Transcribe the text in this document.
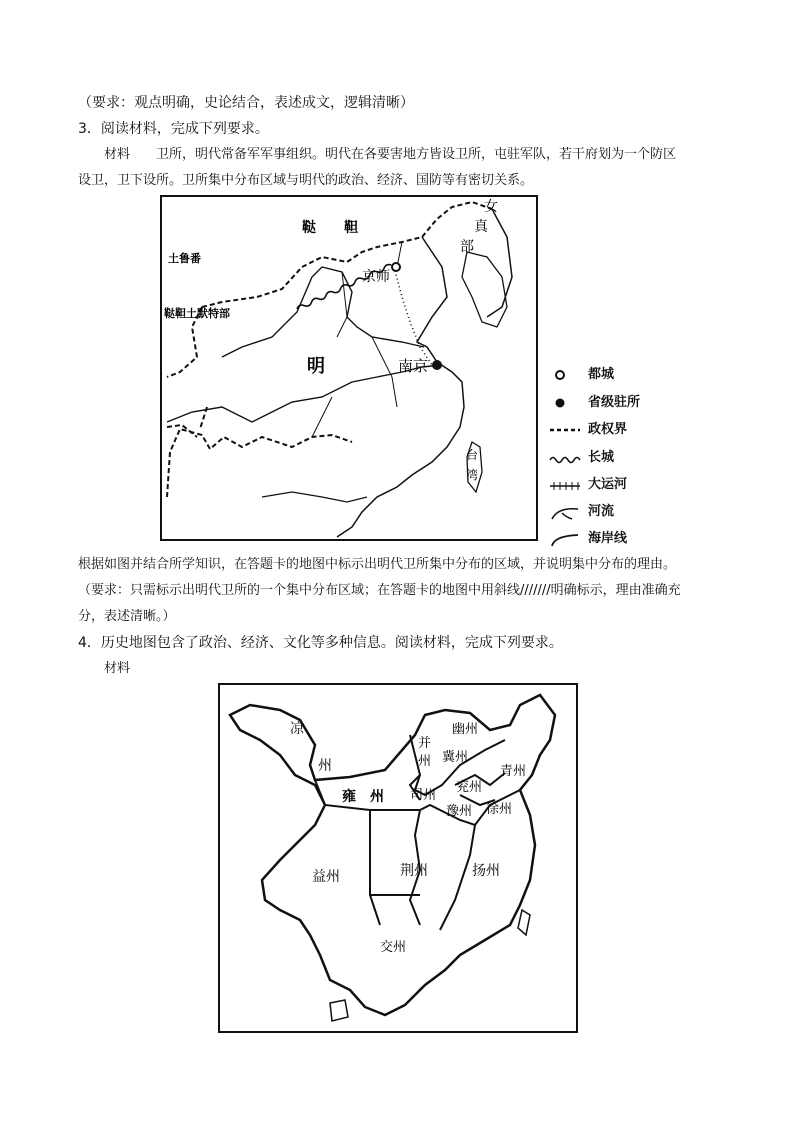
（要求：观点明确，史论结合，表述成文，逻辑清晰）
3．阅读材料，完成下列要求。
材料　　卫所，明代常备军军事组织。明代在各要害地方皆设卫所，屯驻军队，若干府划为一个防区
设卫，卫下设所。卫所集中分布区域与明代的政治、经济、国防等有密切关系。
鞑　　靼
土鲁番
鞑靼土默特部
女
真
部
京师
明	南京
台
湾
都城
省级驻所
政权界
长城
大运河
河流
海岸线
根据如图并结合所学知识，在答题卡的地图中标示出明代卫所集中分布的区域，并说明集中分布的理由。
（要求：只需标示出明代卫所的一个集中分布区域；在答题卡的地图中用斜线///////明确标示，理由准确充
分，表述清晰。）
4．历史地图包含了政治、经济、文化等多种信息。阅读材料，完成下列要求。
材料
凉
州
并
州
幽州
冀州
青州
兖州
雍　州 司州
豫州 徐州
益州	荆州	扬州
交州
